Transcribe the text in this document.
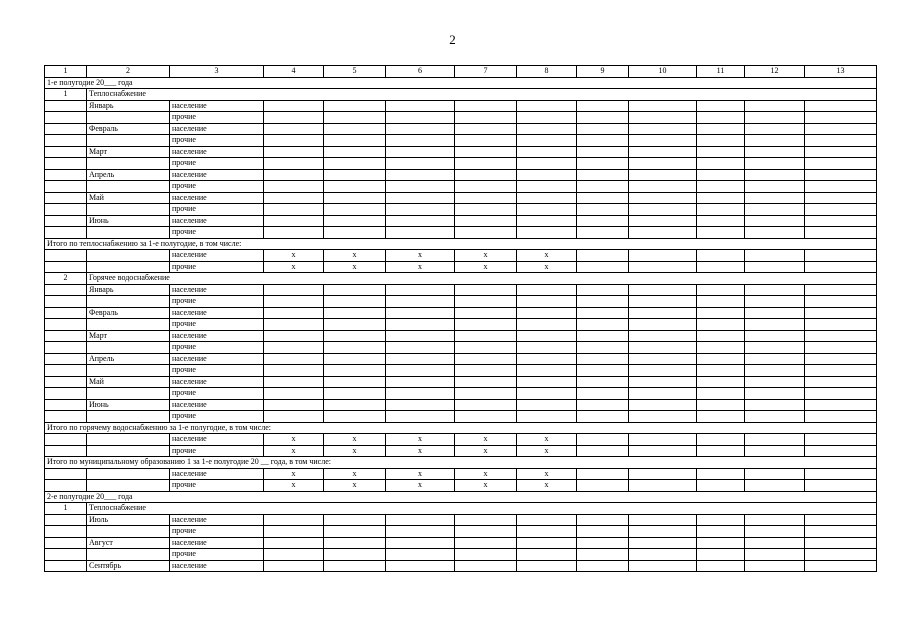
2
1	2	3	4	5	6	7	8	9	10	11	12	13
1-е полугодие 20___ года												
1	Теплоснабжение											
	Январь	население										
		прочие										
	Февраль	население										
		прочие										
	Март	население										
		прочие										
	Апрель	население										
		прочие										
	Май	население										
		прочие										
	Июнь	население										
		прочие										
Итого по теплоснабжению за 1-е полугодие, в том числе:												
		население	x	x	x	x	x					
		прочие	x	x	x	x	x					
2	Горячее водоснабжение											
	Январь	население										
		прочие										
	Февраль	население										
		прочие										
	Март	население										
		прочие										
	Апрель	население										
		прочие										
	Май	население										
		прочие										
	Июнь	население										
		прочие										
Итого по горячему водоснабжению за 1-е полугодие, в том числе:												
		население	x	x	x	x	x					
		прочие	x	x	x	x	x					
Итого по муниципальному образованию 1 за 1-е полугодие 20 __ года, в том числе:												
		население	x	x	x	x	x					
		прочие	x	x	x	x	x					
2-е полугодие 20___ года												
1	Теплоснабжение											
	Июль	население										
		прочие										
	Август	население										
		прочие										
	Сентябрь	население										
